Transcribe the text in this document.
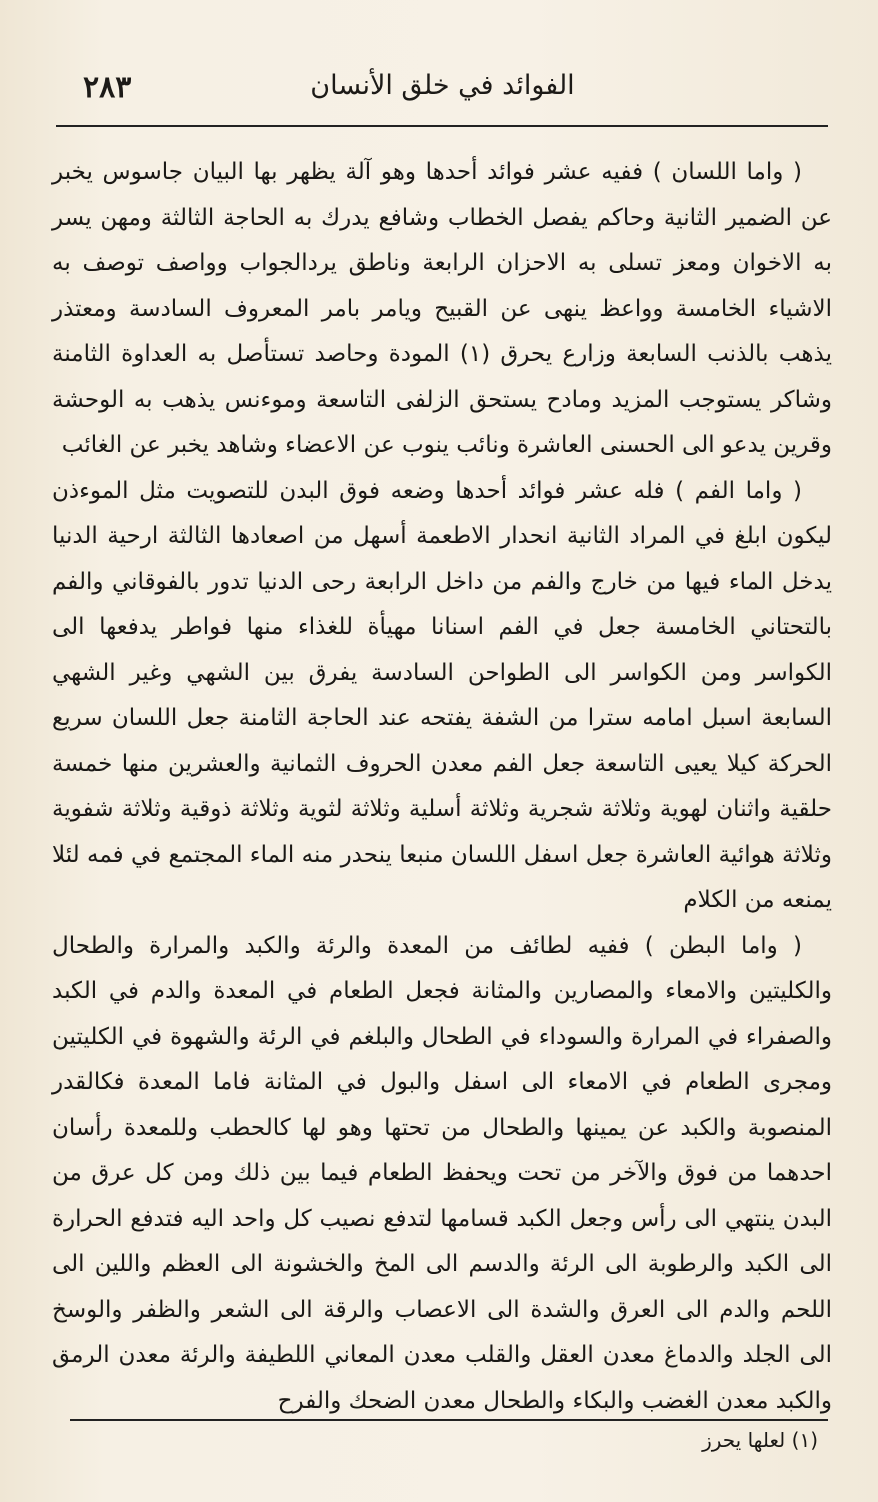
الفوائد في خلق الأنسان
٢٨٣

( واما اللسان ) ففيه عشر فوائد أحدها وهو آلة يظهر بها البيان جاسوس يخبر عن الضمير الثانية وحاكم يفصل الخطاب وشافع يدرك به الحاجة الثالثة ومهن يسر به الاخوان ومعز تسلى به الاحزان الرابعة وناطق يردالجواب وواصف توصف به الاشياء الخامسة وواعظ ينهى عن القبيح ويامر بامر المعروف السادسة ومعتذر يذهب بالذنب السابعة وزارع يحرق (١) المودة وحاصد تستأصل به العداوة الثامنة وشاكر يستوجب المزيد ومادح يستحق الزلفى التاسعة وموءنس يذهب به الوحشة وقرين يدعو الى الحسنى العاشرة ونائب ينوب عن الاعضاء وشاهد يخبر عن الغائب

( واما الفم ) فله عشر فوائد أحدها وضعه فوق البدن للتصويت مثل الموءذن ليكون ابلغ في المراد الثانية انحدار الاطعمة أسهل من اصعادها الثالثة ارحية الدنيا يدخل الماء فيها من خارج والفم من داخل الرابعة رحى الدنيا تدور بالفوقاني والفم بالتحتاني الخامسة جعل في الفم اسنانا مهيأة للغذاء منها فواطر يدفعها الى الكواسر ومن الكواسر الى الطواحن السادسة يفرق بين الشهي وغير الشهي السابعة اسبل امامه سترا من الشفة يفتحه عند الحاجة الثامنة جعل اللسان سريع الحركة كيلا يعيى التاسعة جعل الفم معدن الحروف الثمانية والعشرين منها خمسة حلقية واثنان لهوية وثلاثة شجرية وثلاثة أسلية وثلاثة لثوية وثلاثة ذوقية وثلاثة شفوية وثلاثة هوائية العاشرة جعل اسفل اللسان منبعا ينحدر منه الماء المجتمع في فمه لئلا يمنعه من الكلام

( واما البطن ) ففيه لطائف من المعدة والرئة والكبد والمرارة والطحال والكليتين والامعاء والمصارين والمثانة فجعل الطعام في المعدة والدم في الكبد والصفراء في المرارة والسوداء في الطحال والبلغم في الرئة والشهوة في الكليتين ومجرى الطعام في الامعاء الى اسفل والبول في المثانة فاما المعدة فكالقدر المنصوبة والكبد عن يمينها والطحال من تحتها وهو لها كالحطب وللمعدة رأسان احدهما من فوق والآخر من تحت ويحفظ الطعام فيما بين ذلك ومن كل عرق من البدن ينتهي الى رأس وجعل الكبد قسامها لتدفع نصيب كل واحد اليه فتدفع الحرارة الى الكبد والرطوبة الى الرئة والدسم الى المخ والخشونة الى العظم واللين الى اللحم والدم الى العرق والشدة الى الاعصاب والرقة الى الشعر والظفر والوسخ الى الجلد والدماغ معدن العقل والقلب معدن المعاني اللطيفة والرئة معدن الرمق والكبد معدن الغضب والبكاء والطحال معدن الضحك والفرح

(١) لعلها يحرز
